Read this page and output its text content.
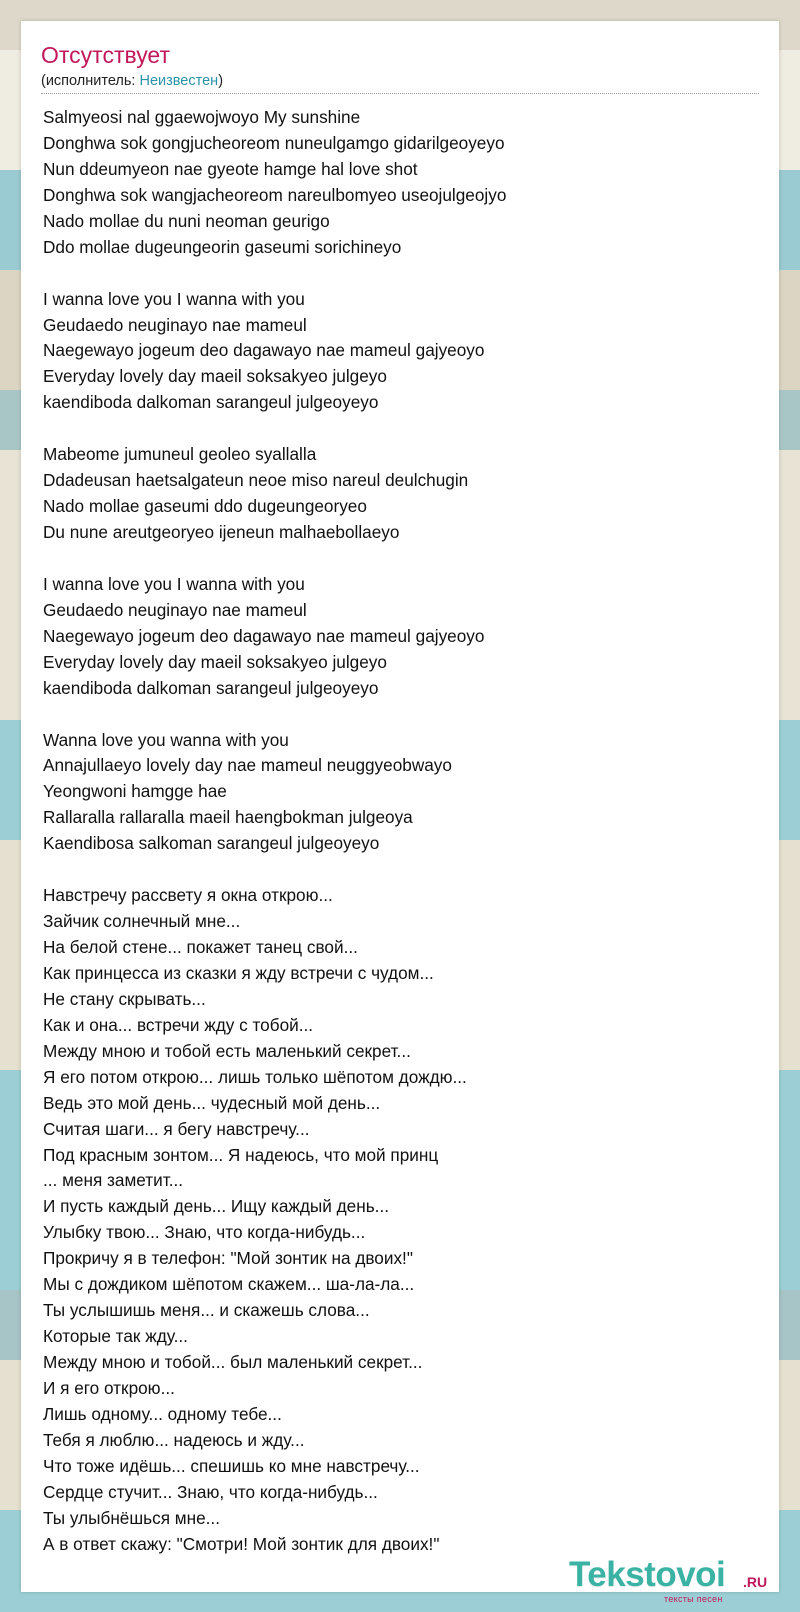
Отсутствует
(исполнитель: Неизвестен)
Salmyeosi nal ggaewojwoyo My sunshine
Donghwa sok gongjucheoreom nuneulgamgo gidarilgeoyeyo
Nun ddeumyeon nae gyeote hamge hal love shot
Donghwa sok wangjacheoreom nareulbomyeo useojulgeojyo
Nado mollae du nuni neoman geurigo
Ddo mollae dugeungeorin gaseumi sorichineyo
I wanna love you I wanna with you
Geudaedo neuginayo nae mameul
Naegewayo jogeum deo dagawayo nae mameul gajyeoyo
Everyday lovely day maeil soksakyeo julgeyo
kaendiboda dalkoman sarangeul julgeoyeyo
Mabeome jumuneul geoleo syallalla
Ddadeusan haetsalgateun neoe miso nareul deulchugin
Nado mollae gaseumi ddo dugeungeoryeo
Du nune areutgeoryeo ijeneun malhaebollaeyo
I wanna love you I wanna with you
Geudaedo neuginayo nae mameul
Naegewayo jogeum deo dagawayo nae mameul gajyeoyo
Everyday lovely day maeil soksakyeo julgeyo
kaendiboda dalkoman sarangeul julgeoyeyo
Wanna love you wanna with you
Annajullaeyo lovely day nae mameul neuggyeobwayo
Yeongwoni hamgge hae
Rallaralla rallaralla maeil haengbokman julgeoya
Kaendibosa salkoman sarangeul julgeoyeyo
Навстречу рассвету я окна открою...
Зайчик солнечный мне...
На белой стене... покажет танец свой...
Как принцесса из сказки я жду встречи с чудом...
Не стану скрывать...
Как и она... встречи жду с тобой...
Между мною и тобой есть маленький секрет...
Я его потом открою... лишь только шёпотом дождю...
Ведь это мой день... чудесный мой день...
Считая шаги... я бегу навстречу...
Под красным зонтом... Я надеюсь, что мой принц
... меня заметит...
И пусть каждый день... Ищу каждый день...
Улыбку твою... Знаю, что когда-нибудь...
Прокричу я в телефон: "Мой зонтик на двоих!"
Мы с дождиком шёпотом скажем... ша-ла-ла...
Ты услышишь меня... и скажешь слова...
Которые так жду...
Между мною и тобой... был маленький секрет...
И я его открою...
Лишь одному... одному тебе...
Тебя я люблю... надеюсь и жду...
Что тоже идёшь... спешишь ко мне навстречу...
Сердце стучит... Знаю, что когда-нибудь...
Ты улыбнёшься мне...
А в ответ скажу: "Смотри! Мой зонтик для двоих!"
Tekstovoi .RU
тексты песен
